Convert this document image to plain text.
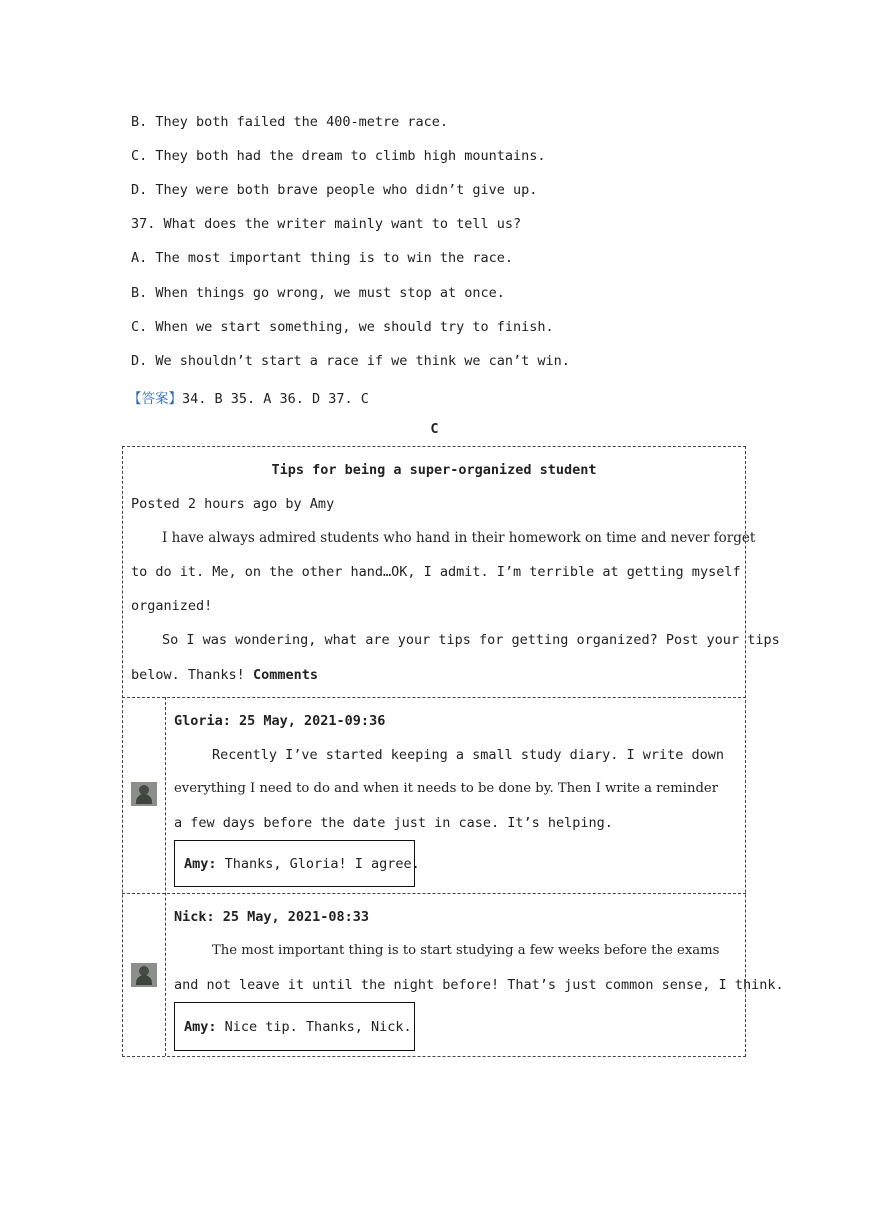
B. They both failed the 400-metre race.
C. They both had the dream to climb high mountains.
D. They were both brave people who didn’t give up.
37. What does the writer mainly want to tell us?
A. The most important thing is to win the race.
B. When things go wrong, we must stop at once.
C. When we start something, we should try to finish.
D. We shouldn’t start a race if we think we can’t win.
【答案】34. B 35. A 36. D 37. C
C
Tips for being a super-organized student
Posted 2 hours ago by Amy
I have always admired students who hand in their homework on time and never forget
to do it. Me, on the other hand…OK, I admit. I’m terrible at getting myself
organized!
So I was wondering, what are your tips for getting organized? Post your tips
below. Thanks! Comments
Gloria: 25 May, 2021-09:36
Recently I’ve started keeping a small study diary. I write down
everything I need to do and when it needs to be done by. Then I write a reminder
a few days before the date just in case. It’s helping.
Amy: Thanks, Gloria! I agree.
Nick: 25 May, 2021-08:33
The most important thing is to start studying a few weeks before the exams
and not leave it until the night before! That’s just common sense, I think.
Amy: Nice tip. Thanks, Nick.
